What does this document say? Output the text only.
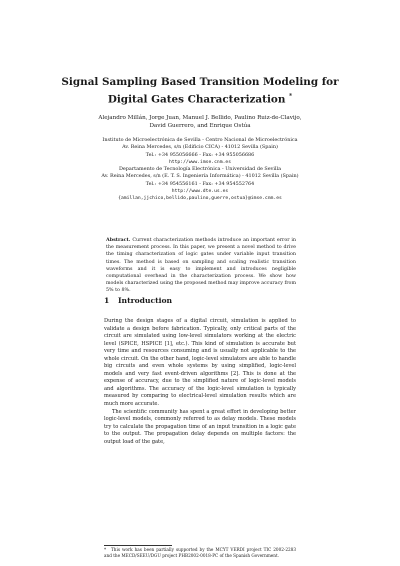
Signal Sampling Based Transition Modeling for
Digital Gates Characterization *
Alejandro Millán, Jorge Juan, Manuel J. Bellido, Paulino Ruiz-de-Clavijo,
David Guerrero, and Enrique Ostúa
Instituto de Microelectrónica de Sevilla - Centro Nacional de Microelectrónica
Av. Reina Mercedes, s/n (Edificio CICA) - 41012 Sevilla (Spain)
Tel.: +34 955056666 - Fax: +34 955056686
http://www.imse.cnm.es
Departamento de Tecnología Electrónica - Universidad de Sevilla
Av. Reina Mercedes, s/n (E. T. S. Ingeniería Informática) - 41012 Sevilla (Spain)
Tel.: +34 954556161 - Fax: +34 954552764
http://www.dte.us.es
{amillan,jjchico,bellido,paulino,guerre,ostua}@imse.cnm.es
Abstract. Current characterization methods introduce an important error in the measurement process. In this paper, we present a novel method to drive the timing characterization of logic gates under variable input transition times. The method is based on sampling and scaling realistic transition waveforms and it is easy to implement and introduces negligible computational overhead in the characterization process. We show how models characterized using the proposed method may improve accuracy from 5% to 8%.
1 Introduction

During the design stages of a digital circuit, simulation is applied to validate a design before fabrication. Typically, only critical parts of the circuit are simulated using low-level simulators working at the electric level (SPICE, HSPICE [1], etc.). This kind of simulation is accurate but very time and resources consuming and is usually not applicable to the whole circuit. On the other hand, logic-level simulators are able to handle big circuits and even whole systems by using simplified, logic-level models and very fast event-driven algorithms [2]. This is done at the expense of accuracy, due to the simplified nature of logic-level models and algorithms. The accuracy of the logic-level simulation is typically measured by comparing to electrical-level simulation results which are much more accurate.

The scientific community has spent a great effort in developing better logic-level models, commonly referred to as delay models. These models try to calculate the propagation time of an input transition in a logic gate to the output. The propagation delay depends on multiple factors: the output load of the gate,

* This work has been partially supported by the MCYT VERDI project TIC 2002-2283 and the MECD/SEEU/DGU project PHB2002-0018-PC of the Spanish Government.
